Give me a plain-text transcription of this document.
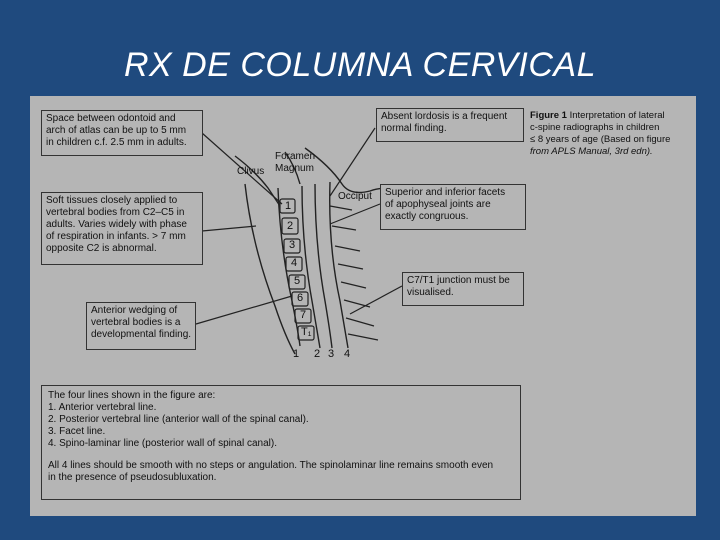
RX DE COLUMNA CERVICAL
Space between odontoid and
arch of atlas can be up to 5 mm
in children c.f. 2.5 mm in adults.
Soft tissues closely applied to
vertebral bodies from C2–C5 in
adults. Varies widely with phase
of respiration in infants. > 7 mm
opposite C2 is abnormal.
Anterior wedging of
vertebral bodies is a
developmental finding.
Absent lordosis is a frequent
normal finding.
Superior and inferior facets
of apophyseal joints are
exactly congruous.
C7/T1 junction must be
visualised.
Figure 1 Interpretation of lateral
c-spine radiographs in children
≤ 8 years of age (Based on figure
from APLS Manual, 3rd edn).
Foramen
Magnum
Clivus
Occiput
1
2
3
4
5
6
7
T₁
1 2 3 4
The four lines shown in the figure are:
1. Anterior vertebral line.
2. Posterior vertebral line (anterior wall of the spinal canal).
3. Facet line.
4. Spino-laminar line (posterior wall of spinal canal).
All 4 lines should be smooth with no steps or angulation. The spinolaminar line remains smooth even
in the presence of pseudosubluxation.
